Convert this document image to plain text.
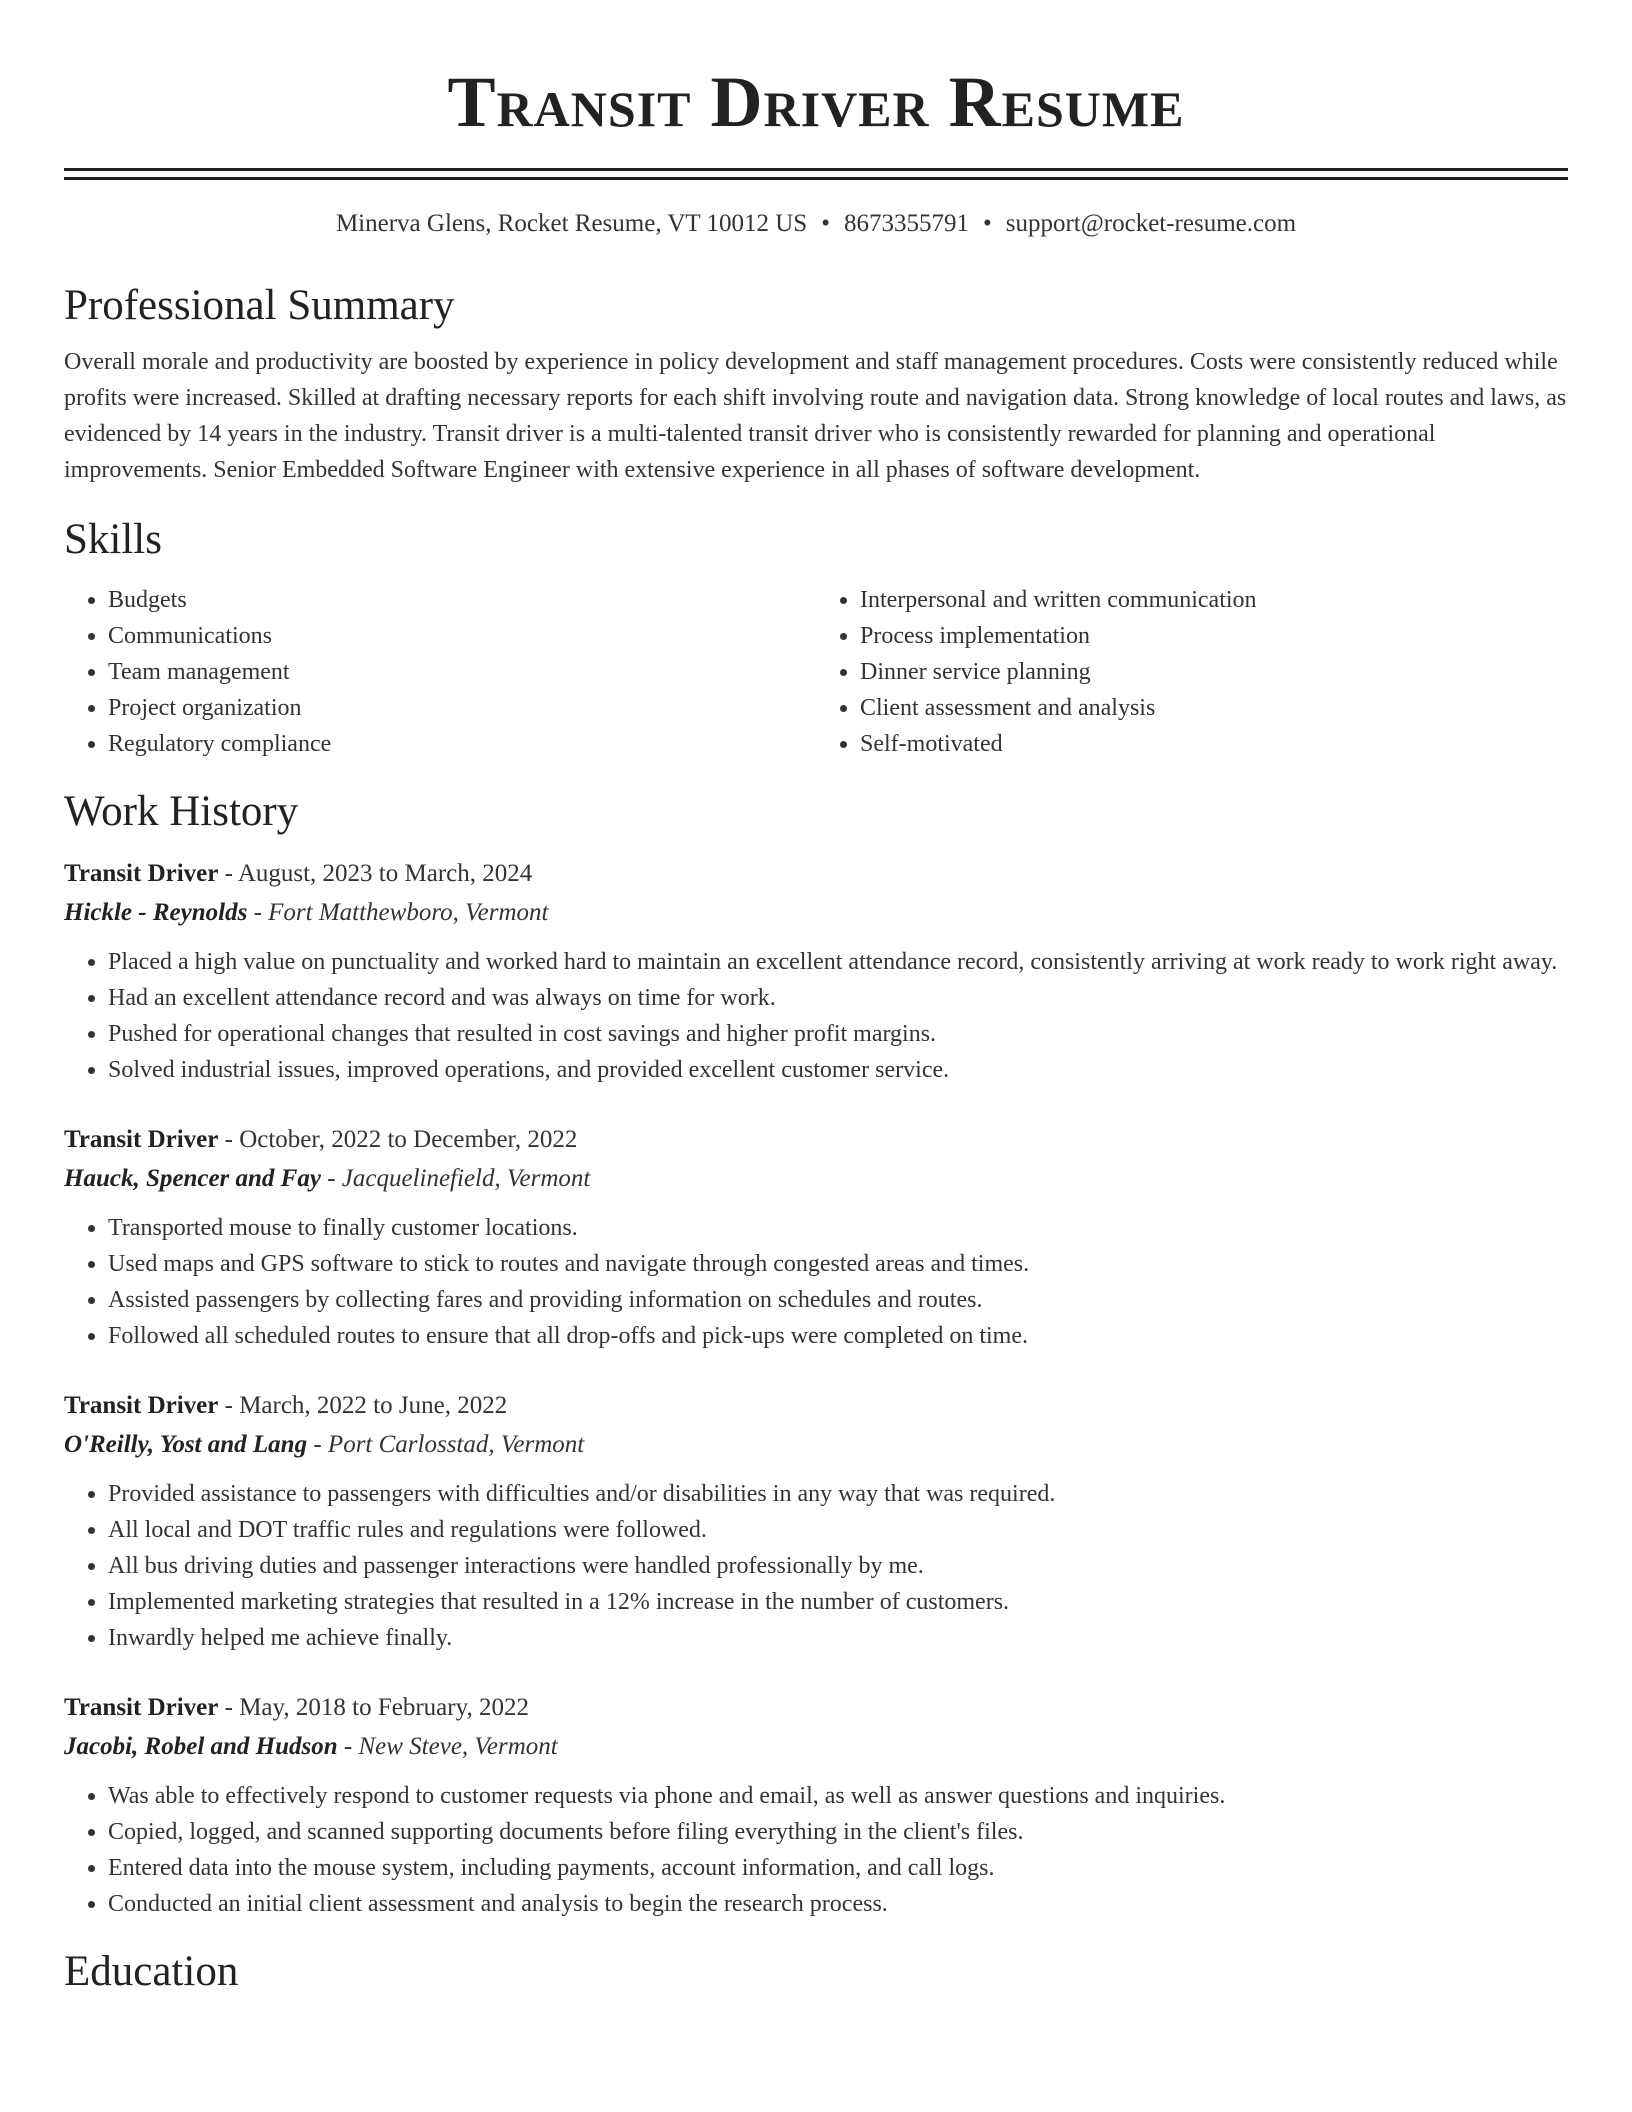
Transit Driver Resume
Minerva Glens, Rocket Resume, VT 10012 US • 8673355791 • support@rocket-resume.com
Professional Summary

Overall morale and productivity are boosted by experience in policy development and staff management procedures. Costs were consistently reduced while profits were increased. Skilled at drafting necessary reports for each shift involving route and navigation data. Strong knowledge of local routes and laws, as evidenced by 14 years in the industry. Transit driver is a multi-talented transit driver who is consistently rewarded for planning and operational improvements. Senior Embedded Software Engineer with extensive experience in all phases of software development.

Skills
• Budgets
• Communications
• Team management
• Project organization
• Regulatory compliance
• Interpersonal and written communication
• Process implementation
• Dinner service planning
• Client assessment and analysis
• Self-motivated
Work History
Transit Driver - August, 2023 to March, 2024
Hickle - Reynolds - Fort Matthewboro, Vermont
• Placed a high value on punctuality and worked hard to maintain an excellent attendance record, consistently arriving at work ready to work right away.
• Had an excellent attendance record and was always on time for work.
• Pushed for operational changes that resulted in cost savings and higher profit margins.
• Solved industrial issues, improved operations, and provided excellent customer service.
Transit Driver - October, 2022 to December, 2022
Hauck, Spencer and Fay - Jacquelinefield, Vermont
• Transported mouse to finally customer locations.
• Used maps and GPS software to stick to routes and navigate through congested areas and times.
• Assisted passengers by collecting fares and providing information on schedules and routes.
• Followed all scheduled routes to ensure that all drop-offs and pick-ups were completed on time.
Transit Driver - March, 2022 to June, 2022
O'Reilly, Yost and Lang - Port Carlosstad, Vermont
• Provided assistance to passengers with difficulties and/or disabilities in any way that was required.
• All local and DOT traffic rules and regulations were followed.
• All bus driving duties and passenger interactions were handled professionally by me.
• Implemented marketing strategies that resulted in a 12% increase in the number of customers.
• Inwardly helped me achieve finally.
Transit Driver - May, 2018 to February, 2022
Jacobi, Robel and Hudson - New Steve, Vermont
• Was able to effectively respond to customer requests via phone and email, as well as answer questions and inquiries.
• Copied, logged, and scanned supporting documents before filing everything in the client's files.
• Entered data into the mouse system, including payments, account information, and call logs.
• Conducted an initial client assessment and analysis to begin the research process.
Education
